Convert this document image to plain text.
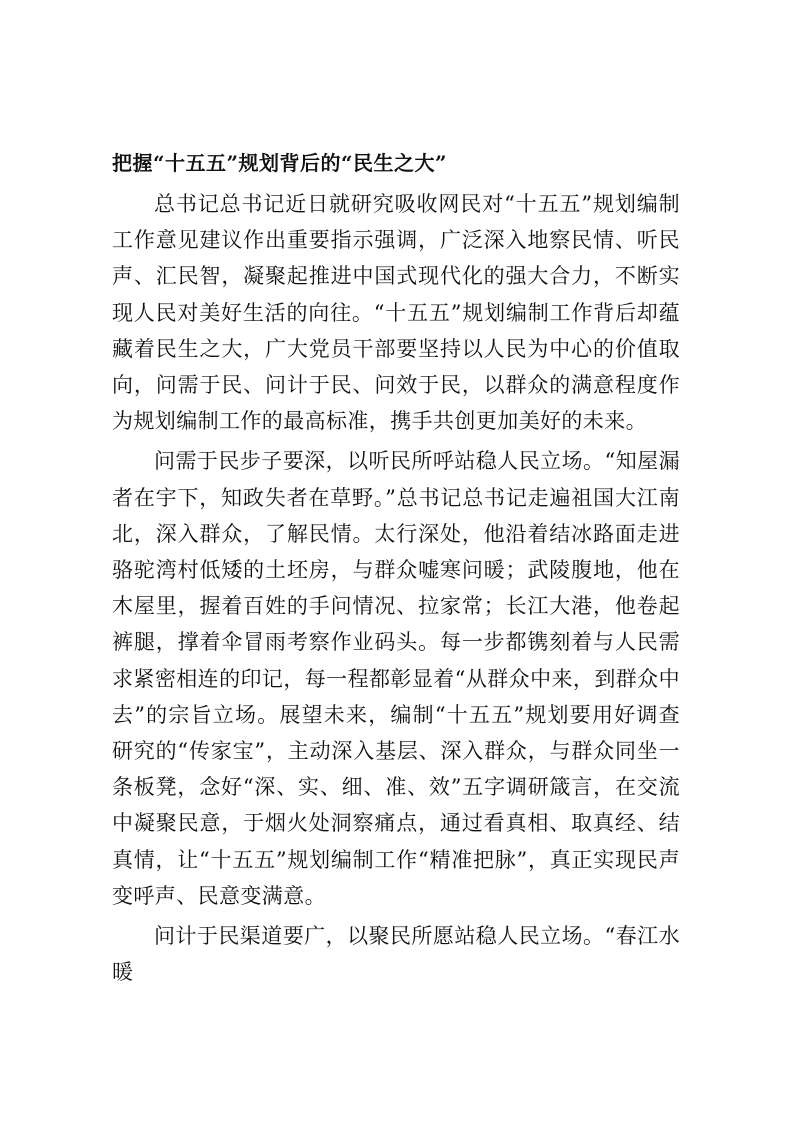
把握“十五五”规划背后的“民生之大”

总书记总书记近日就研究吸收网民对“十五五”规划编制工作意见建议作出重要指示强调，广泛深入地察民情、听民声、汇民智，凝聚起推进中国式现代化的强大合力，不断实现人民对美好生活的向往。“十五五”规划编制工作背后却蕴藏着民生之大，广大党员干部要坚持以人民为中心的价值取向，问需于民、问计于民、问效于民，以群众的满意程度作为规划编制工作的最高标准，携手共创更加美好的未来。

问需于民步子要深，以听民所呼站稳人民立场。“知屋漏者在宇下，知政失者在草野。”总书记总书记走遍祖国大江南北，深入群众，了解民情。太行深处，他沿着结冰路面走进骆驼湾村低矮的土坯房，与群众嘘寒问暖；武陵腹地，他在木屋里，握着百姓的手问情况、拉家常；长江大港，他卷起裤腿，撑着伞冒雨考察作业码头。每一步都镌刻着与人民需求紧密相连的印记，每一程都彰显着“从群众中来，到群众中去”的宗旨立场。展望未来，编制“十五五”规划要用好调查研究的“传家宝”，主动深入基层、深入群众，与群众同坐一条板凳，念好“深、实、细、准、效”五字调研箴言，在交流中凝聚民意，于烟火处洞察痛点，通过看真相、取真经、结真情，让“十五五”规划编制工作“精准把脉”，真正实现民声变呼声、民意变满意。

问计于民渠道要广，以聚民所愿站稳人民立场。“春江水暖
